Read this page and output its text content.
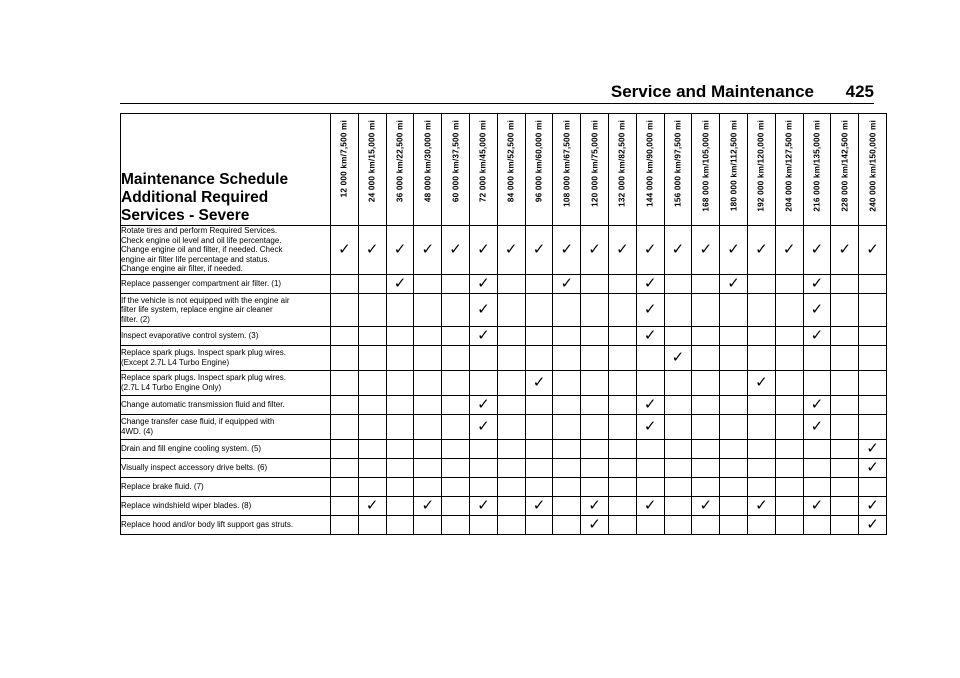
Service and Maintenance 425
Maintenance Schedule
Additional Required
Services - Severe	12 000 km/7,500 mi	24 000 km/15,000 mi	36 000 km/22,500 mi	48 000 km/30,000 mi	60 000 km/37,500 mi	72 000 km/45,000 mi	84 000 km/52,500 mi	96 000 km/60,000 mi	108 000 km/67,500 mi	120 000 km/75,000 mi	132 000 km/82,500 mi	144 000 km/90,000 mi	156 000 km/97,500 mi	168 000 km/105,000 mi	180 000 km/112,500 mi	192 000 km/120,000 mi	204 000 km/127,500 mi	216 000 km/135,000 mi	228 000 km/142,500 mi	240 000 km/150,000 mi

Rotate tires and perform Required Services.
Check engine oil level and oil life percentage.
Change engine oil and filter, if needed. Check
engine air filter life percentage and status.
Change engine air filter, if needed.	✓	✓	✓	✓	✓	✓	✓	✓	✓	✓	✓	✓	✓	✓	✓	✓	✓	✓	✓	✓
Replace passenger compartment air filter. (1)			✓			✓			✓			✓			✓			✓		
If the vehicle is not equipped with the engine air
filter life system, replace engine air cleaner
filter. (2)						✓						✓						✓		
Inspect evaporative control system. (3)						✓						✓						✓		
Replace spark plugs. Inspect spark plug wires.
(Except 2.7L L4 Turbo Engine)													✓							
Replace spark plugs. Inspect spark plug wires.
(2.7L L4 Turbo Engine Only)								✓								✓				
Change automatic transmission fluid and filter.						✓						✓						✓		
Change transfer case fluid, if equipped with
4WD. (4)						✓						✓						✓		
Drain and fill engine cooling system. (5)																				✓
Visually inspect accessory drive belts. (6)																				✓
Replace brake fluid. (7)																				
Replace windshield wiper blades. (8)		✓		✓		✓		✓		✓		✓		✓		✓		✓		✓
Replace hood and/or body lift support gas struts.										✓										✓
